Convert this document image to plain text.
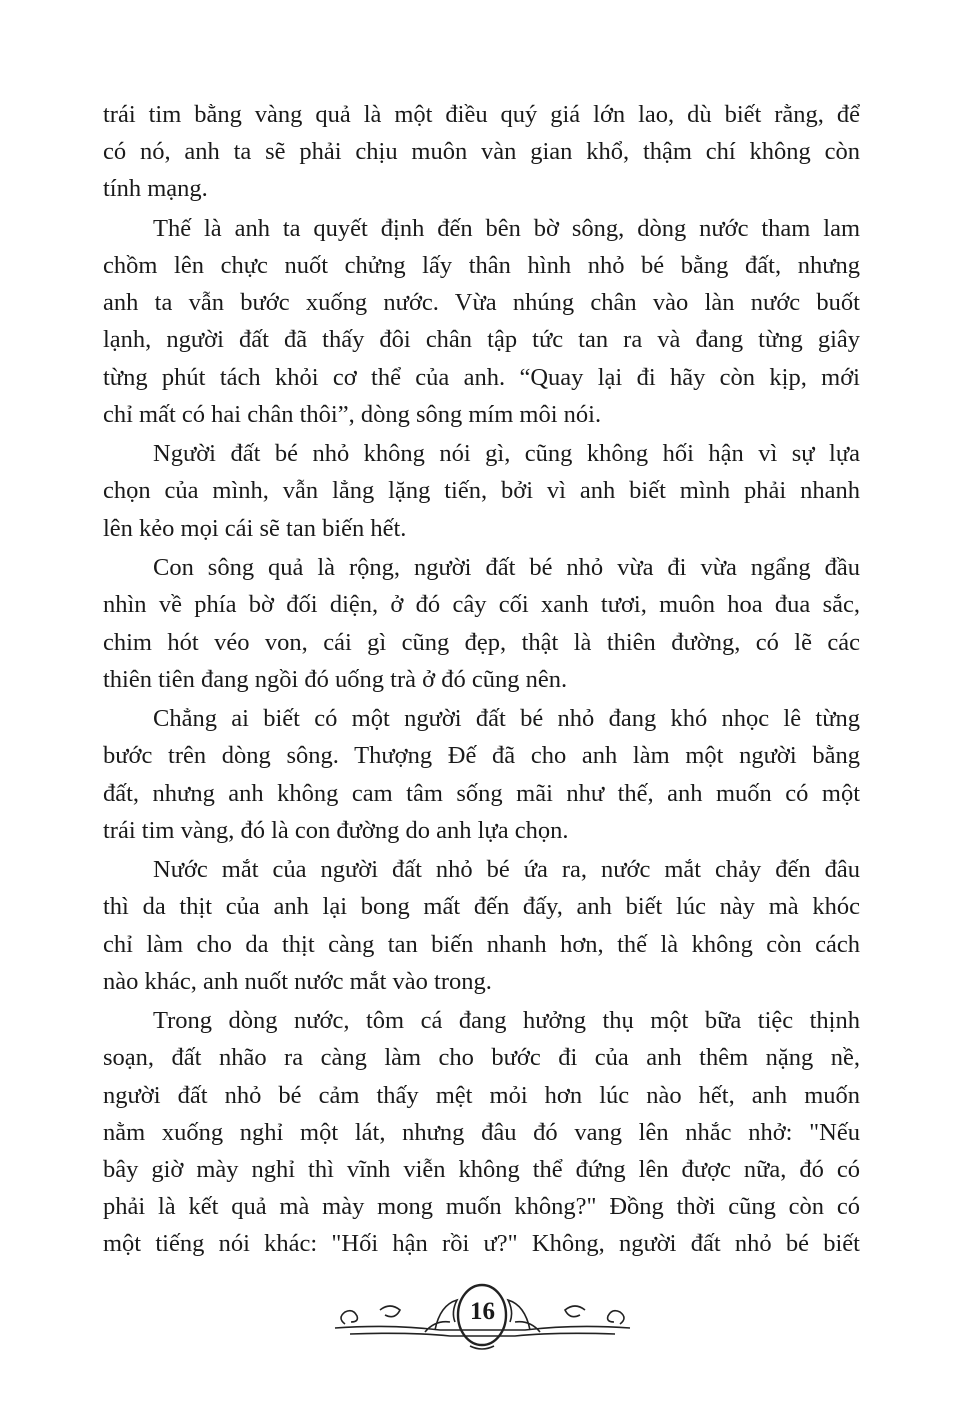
trái tim bằng vàng quả là một điều quý giá lớn lao, dù biết rằng, để
có nó, anh ta sẽ phải chịu muôn vàn gian khổ, thậm chí không còn
tính mạng.
Thế là anh ta quyết định đến bên bờ sông, dòng nước tham lam
chồm lên chực nuốt chửng lấy thân hình nhỏ bé bằng đất, nhưng
anh ta vẫn bước xuống nước. Vừa nhúng chân vào làn nước buốt
lạnh, người đất đã thấy đôi chân tập tức tan ra và đang từng giây
từng phút tách khỏi cơ thể của anh. “Quay lại đi hãy còn kịp, mới
chỉ mất có hai chân thôi”, dòng sông mím môi nói.
Người đất bé nhỏ không nói gì, cũng không hối hận vì sự lựa
chọn của mình, vẫn lẳng lặng tiến, bởi vì anh biết mình phải nhanh
lên kẻo mọi cái sẽ tan biến hết.
Con sông quả là rộng, người đất bé nhỏ vừa đi vừa ngẩng đầu
nhìn về phía bờ đối diện, ở đó cây cối xanh tươi, muôn hoa đua sắc,
chim hót véo von, cái gì cũng đẹp, thật là thiên đường, có lẽ các
thiên tiên đang ngồi đó uống trà ở đó cũng nên.
Chẳng ai biết có một người đất bé nhỏ đang khó nhọc lê từng
bước trên dòng sông. Thượng Đế đã cho anh làm một người bằng
đất, nhưng anh không cam tâm sống mãi như thế, anh muốn có một
trái tim vàng, đó là con đường do anh lựa chọn.
Nước mắt của người đất nhỏ bé ứa ra, nước mắt chảy đến đâu
thì da thịt của anh lại bong mất đến đấy, anh biết lúc này mà khóc
chỉ làm cho da thịt càng tan biến nhanh hơn, thế là không còn cách
nào khác, anh nuốt nước mắt vào trong.
Trong dòng nước, tôm cá đang hưởng thụ một bữa tiệc thịnh
soạn, đất nhão ra càng làm cho bước đi của anh thêm nặng nề,
người đất nhỏ bé cảm thấy mệt mỏi hơn lúc nào hết, anh muốn
nằm xuống nghỉ một lát, nhưng đâu đó vang lên nhắc nhở: "Nếu
bây giờ mày nghỉ thì vĩnh viễn không thể đứng lên được nữa, đó có
phải là kết quả mà mày mong muốn không?" Đồng thời cũng còn có
một tiếng nói khác: "Hối hận rồi ư?" Không, người đất nhỏ bé biết
16
